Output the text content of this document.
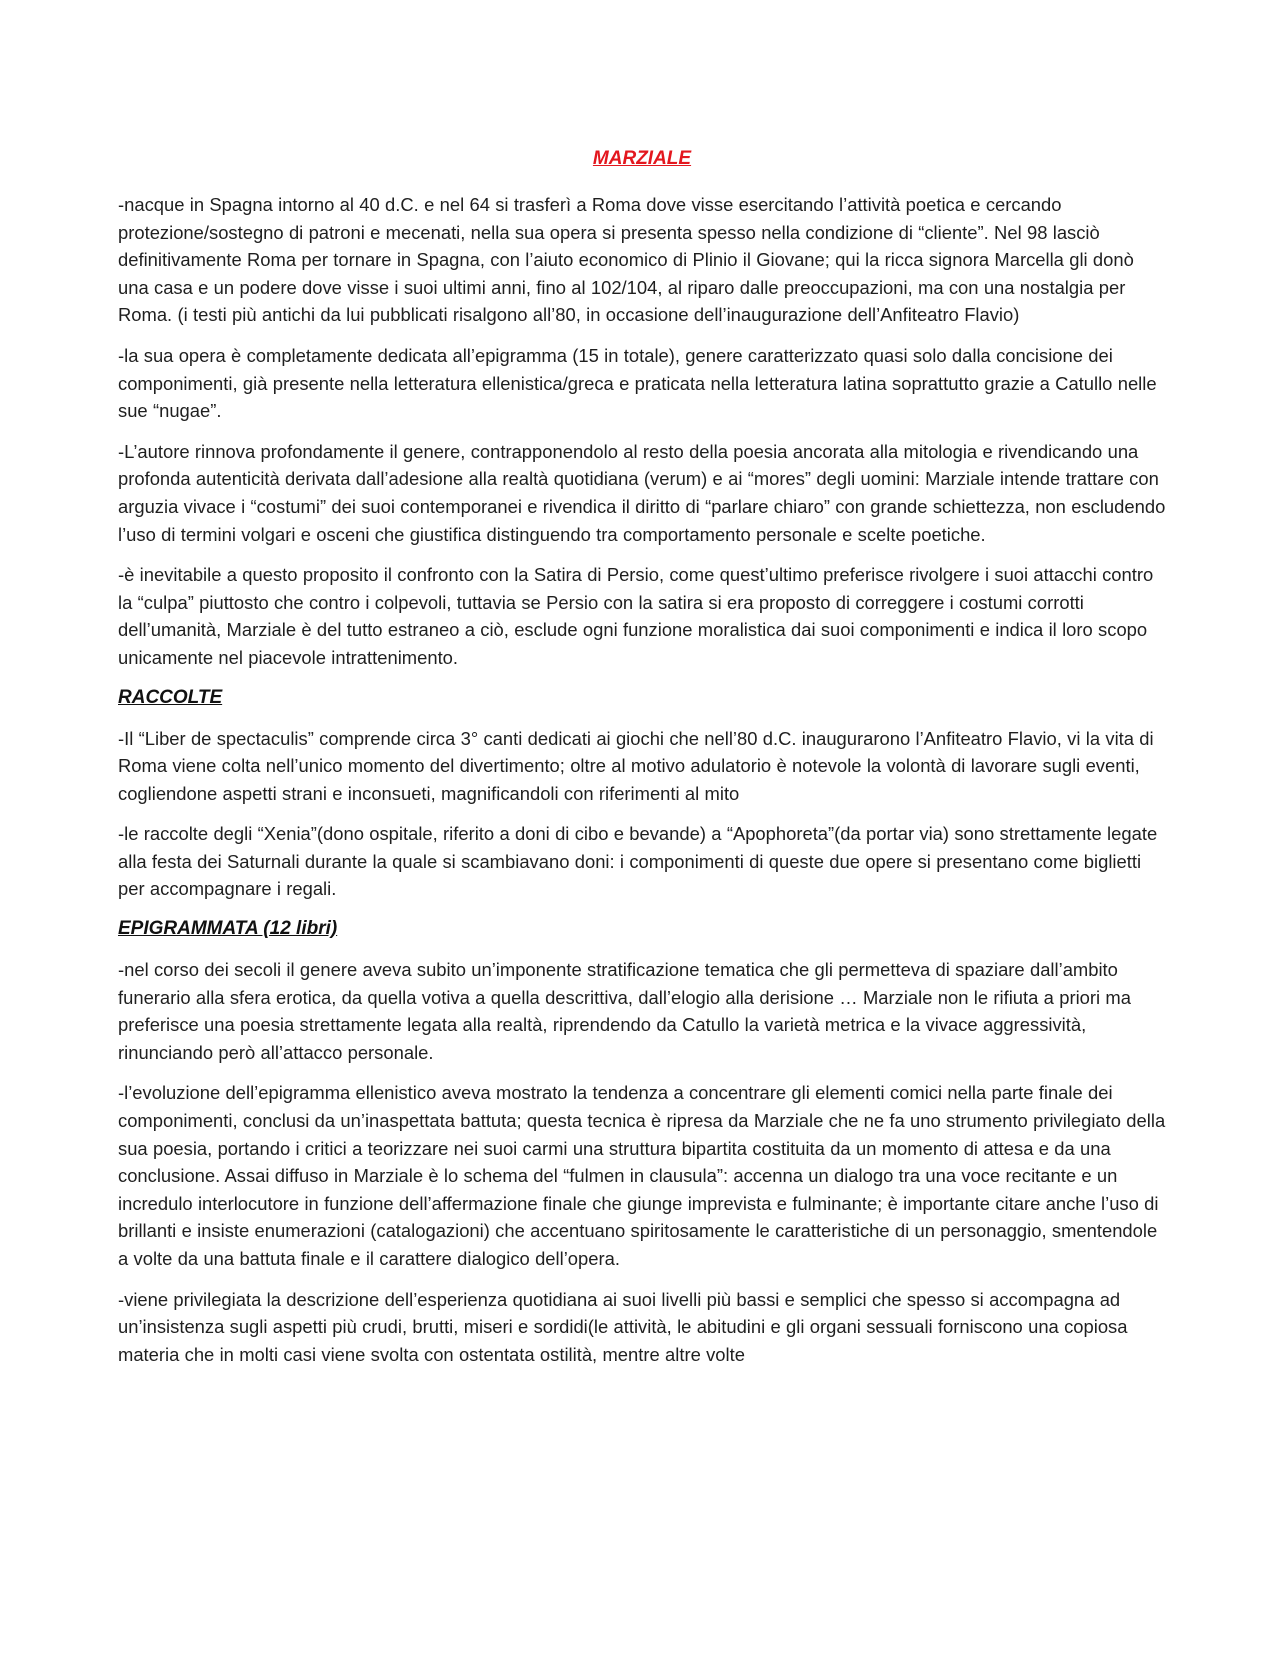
MARZIALE

-nacque in Spagna intorno al 40 d.C. e nel 64 si trasferì a Roma dove visse esercitando l’attività poetica e cercando protezione/sostegno di patroni e mecenati, nella sua opera si presenta spesso nella condizione di “cliente”. Nel 98 lasciò definitivamente Roma per tornare in Spagna, con l’aiuto economico di Plinio il Giovane; qui la ricca signora Marcella gli donò una casa e un podere dove visse i suoi ultimi anni, fino al 102/104, al riparo dalle preoccupazioni, ma con una nostalgia per Roma. (i testi più antichi da lui pubblicati risalgono all’80, in occasione dell’inaugurazione dell’Anfiteatro Flavio)

-la sua opera è completamente dedicata all’epigramma (15 in totale), genere caratterizzato quasi solo dalla concisione dei componimenti, già presente nella letteratura ellenistica/greca e praticata nella letteratura latina soprattutto grazie a Catullo nelle sue “nugae”.

-L’autore rinnova profondamente il genere, contrapponendolo al resto della poesia ancorata alla mitologia e rivendicando una profonda autenticità derivata dall’adesione alla realtà quotidiana (verum) e ai “mores” degli uomini: Marziale intende trattare con arguzia vivace i “costumi” dei suoi contemporanei e rivendica il diritto di “parlare chiaro” con grande schiettezza, non escludendo l’uso di termini volgari e osceni che giustifica distinguendo tra comportamento personale e scelte poetiche.

-è inevitabile a questo proposito il confronto con la Satira di Persio, come quest’ultimo preferisce rivolgere i suoi attacchi contro la “culpa” piuttosto che contro i colpevoli, tuttavia se Persio con la satira si era proposto di correggere i costumi corrotti dell’umanità, Marziale è del tutto estraneo a ciò, esclude ogni funzione moralistica dai suoi componimenti e indica il loro scopo unicamente nel piacevole intrattenimento.

RACCOLTE

-Il “Liber de spectaculis” comprende circa 3° canti dedicati ai giochi che nell’80 d.C. inaugurarono l’Anfiteatro Flavio, vi la vita di Roma viene colta nell’unico momento del divertimento; oltre al motivo adulatorio è notevole la volontà di lavorare sugli eventi, cogliendone aspetti strani e inconsueti, magnificandoli con riferimenti al mito

-le raccolte degli “Xenia”(dono ospitale, riferito a doni di cibo e bevande) a “Apophoreta”(da portar via) sono strettamente legate alla festa dei Saturnali durante la quale si scambiavano doni: i componimenti di queste due opere si presentano come biglietti per accompagnare i regali.

EPIGRAMMATA (12 libri)

-nel corso dei secoli il genere aveva subito un’imponente stratificazione tematica che gli permetteva di spaziare dall’ambito funerario alla sfera erotica, da quella votiva a quella descrittiva, dall’elogio alla derisione … Marziale non le rifiuta a priori ma preferisce una poesia strettamente legata alla realtà, riprendendo da Catullo la varietà metrica e la vivace aggressività, rinunciando però all’attacco personale.

-l’evoluzione dell’epigramma ellenistico aveva mostrato la tendenza a concentrare gli elementi comici nella parte finale dei componimenti, conclusi da un’inaspettata battuta; questa tecnica è ripresa da Marziale che ne fa uno strumento privilegiato della sua poesia, portando i critici a teorizzare nei suoi carmi una struttura bipartita costituita da un momento di attesa e da una conclusione. Assai diffuso in Marziale è lo schema del “fulmen in clausula”: accenna un dialogo tra una voce recitante e un incredulo interlocutore in funzione dell’affermazione finale che giunge imprevista e fulminante; è importante citare anche l’uso di brillanti e insiste enumerazioni (catalogazioni) che accentuano spiritosamente le caratteristiche di un personaggio, smentendole a volte da una battuta finale e il carattere dialogico dell’opera.

-viene privilegiata la descrizione dell’esperienza quotidiana ai suoi livelli più bassi e semplici che spesso si accompagna ad un’insistenza sugli aspetti più crudi, brutti, miseri e sordidi(le attività, le abitudini e gli organi sessuali forniscono una copiosa materia che in molti casi viene svolta con ostentata ostilità, mentre altre volte
